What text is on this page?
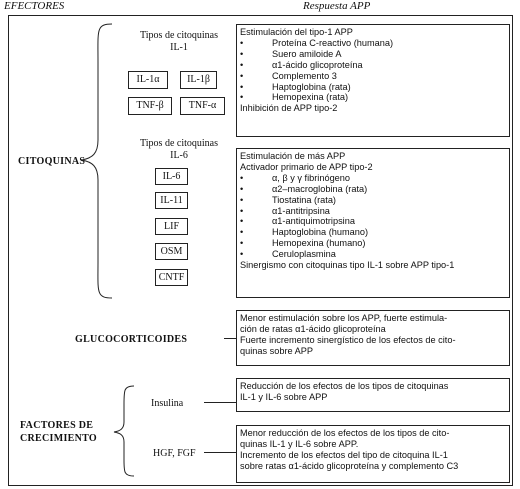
EFECTORES	Respuesta APP
CITOQUINAS
GLUCOCORTICOIDES
FACTORES DE
CRECIMIENTO
Tipos de citoquinas
IL-1
IL-1α	IL-1β
TNF-β	TNF-α
Tipos de citoquinas
IL-6
IL-6
IL-11
LIF
OSM
CNTF
Insulina
HGF, FGF
Estimulación del tipo-1 APP
•	Proteína C-reactivo (humana)
•	Suero amiloide A
•	α1-ácido glicoproteína
•	Complemento 3
•	Haptoglobina (rata)
•	Hemopexina (rata)
Inhibición de APP tipo-2
Estimulación de más APP
Activador primario de APP tipo-2
•	α, β y γ fibrinógeno
•	α2–macroglobina (rata)
•	Tiostatina (rata)
•	α1-antitripsina
•	α1-antiquimotripsina
•	Haptoglobina (humano)
•	Hemopexina (humano)
•	Ceruloplasmina
Sinergismo con citoquinas tipo IL-1 sobre APP tipo-1
Menor estimulación sobre los APP, fuerte estimula-
ción de ratas α1-ácido glicoproteína
Fuerte incremento sinergístico de los efectos de cito-
quinas sobre APP
Reducción de los efectos de los tipos de citoquinas
IL-1 y IL-6 sobre APP
Menor reducción de los efectos de los tipos de cito-
quinas IL-1 y IL-6 sobre APP.
Incremento de los efectos del tipo de citoquina IL-1
sobre ratas α1-ácido glicoproteína y complemento C3
